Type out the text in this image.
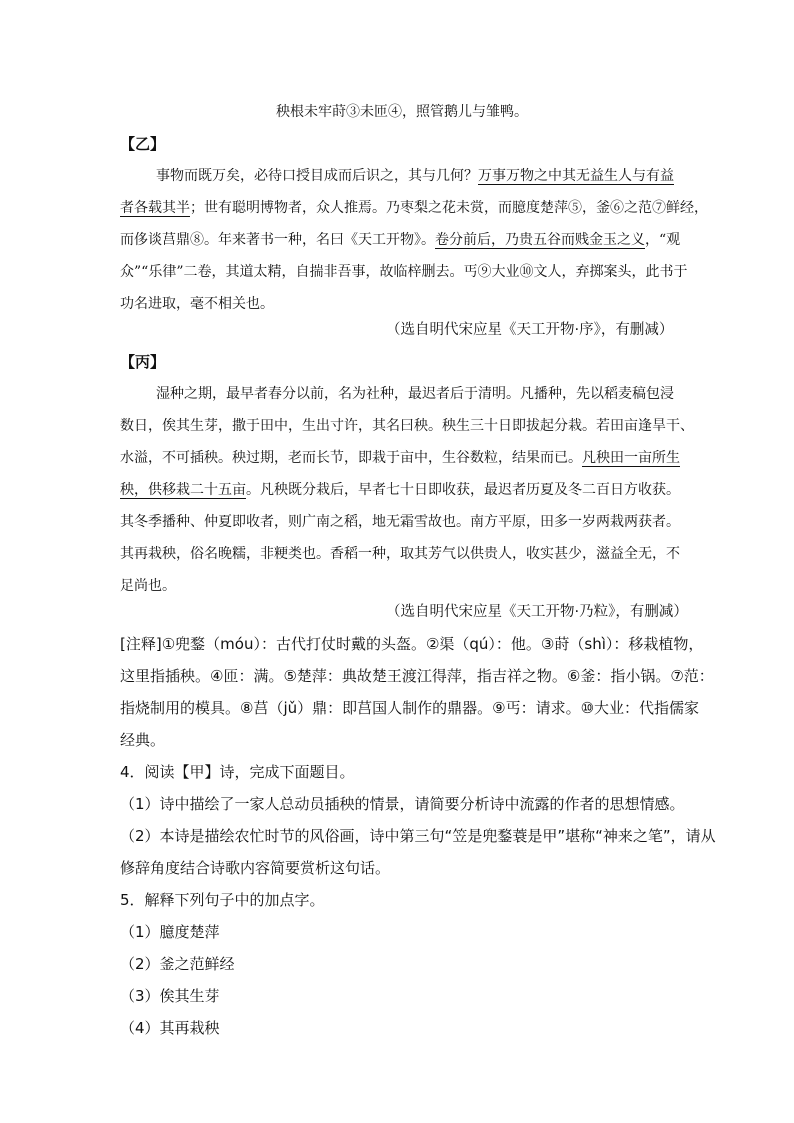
秧根未牢莳③未匝④，照管鹅儿与雏鸭。
【乙】
事物而既万矣，必待口授目成而后识之，其与几何？万事万物之中其无益生人与有益
者各载其半；世有聪明博物者，众人推焉。乃枣梨之花未赏，而臆度楚萍⑤，釜⑥之范⑦鲜经，
而侈谈莒鼎⑧。年来著书一种，名曰《天工开物》。卷分前后，乃贵五谷而贱金玉之义，“观
众”“乐律”二卷，其道太精，自揣非吾事，故临梓删去。丐⑨大业⑩文人，弃掷案头，此书于
功名进取，毫不相关也。
（选自明代宋应星《天工开物·序》，有删减）
【丙】
湿种之期，最早者春分以前，名为社种，最迟者后于清明。凡播种，先以稻麦稿包浸
数日，俟其生芽，撒于田中，生出寸许，其名曰秧。秧生三十日即拔起分栽。若田亩逢旱干、
水溢，不可插秧。秧过期，老而长节，即栽于亩中，生谷数粒，结果而已。凡秧田一亩所生
秧，供移栽二十五亩。凡秧既分栽后，早者七十日即收获，最迟者历夏及冬二百日方收获。
其冬季播种、仲夏即收者，则广南之稻，地无霜雪故也。南方平原，田多一岁两栽两获者。
其再栽秧，俗名晚糯，非粳类也。香稻一种，取其芳气以供贵人，收实甚少，滋益全无，不
足尚也。
（选自明代宋应星《天工开物·乃粒》，有删减）
[注释]①兜鍪（móu）：古代打仗时戴的头盔。②渠（qú）：他。③莳（shì）：移栽植物，
这里指插秧。④匝：满。⑤楚萍：典故楚王渡江得萍，指吉祥之物。⑥釜：指小锅。⑦范：
指烧制用的模具。⑧莒（jǔ）鼎：即莒国人制作的鼎器。⑨丐：请求。⑩大业：代指儒家
经典。
4．阅读【甲】诗，完成下面题目。
（1）诗中描绘了一家人总动员插秧的情景，请简要分析诗中流露的作者的思想情感。
（2）本诗是描绘农忙时节的风俗画，诗中第三句“笠是兜鍪蓑是甲”堪称“神来之笔”，请从
修辞角度结合诗歌内容简要赏析这句话。
5．解释下列句子中的加点字。
（1）臆度楚萍
（2）釜之范鲜经
（3）俟其生芽
（4）其再栽秧
